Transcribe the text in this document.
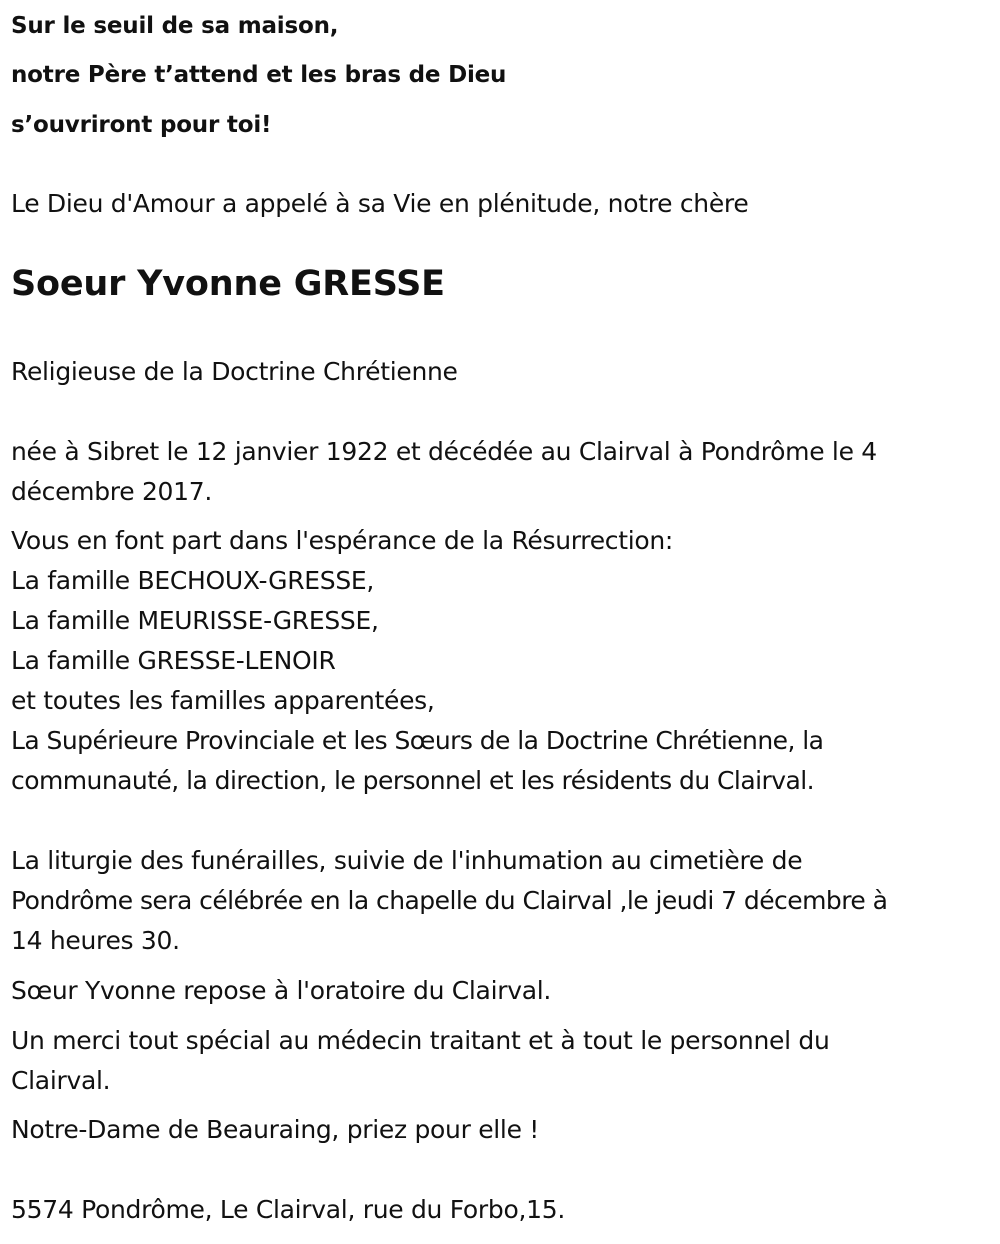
Sur le seuil de sa maison,
notre Père t’attend et les bras de Dieu
s’ouvriront pour toi!
Le Dieu d'Amour a appelé à sa Vie en plénitude, notre chère
Soeur Yvonne GRESSE
Religieuse de la Doctrine Chrétienne
née à Sibret le 12 janvier 1922 et décédée au Clairval à Pondrôme le 4
décembre 2017.
Vous en font part dans l'espérance de la Résurrection:
La famille BECHOUX-GRESSE,
La famille MEURISSE-GRESSE,
La famille GRESSE-LENOIR
et toutes les familles apparentées,
La Supérieure Provinciale et les Sœurs de la Doctrine Chrétienne, la
communauté, la direction, le personnel et les résidents du Clairval.
La liturgie des funérailles, suivie de l'inhumation au cimetière de
Pondrôme sera célébrée en la chapelle du Clairval ,le jeudi 7 décembre à
14 heures 30.
Sœur Yvonne repose à l'oratoire du Clairval.
Un merci tout spécial au médecin traitant et à tout le personnel du
Clairval.
Notre-Dame de Beauraing, priez pour elle !
5574 Pondrôme, Le Clairval, rue du Forbo,15.
